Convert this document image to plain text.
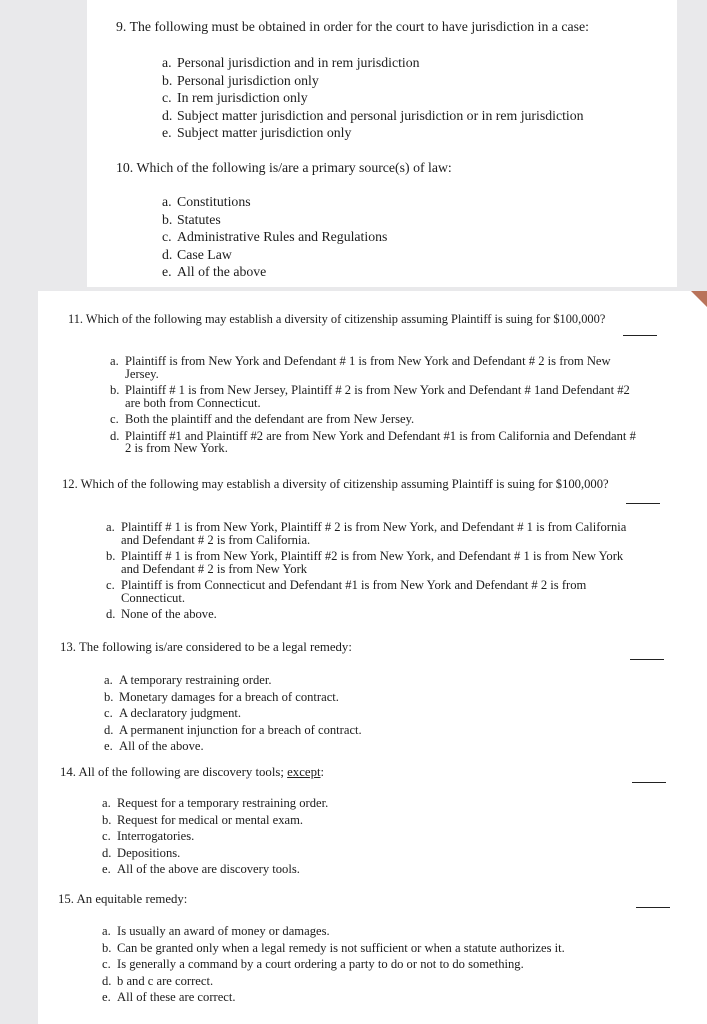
9. The following must be obtained in order for the court to have jurisdiction in a case:

a. Personal jurisdiction and in rem jurisdiction
b. Personal jurisdiction only
c. In rem jurisdiction only
d. Subject matter jurisdiction and personal jurisdiction or in rem jurisdiction
e. Subject matter jurisdiction only

10. Which of the following is/are a primary source(s) of law:

a. Constitutions
b. Statutes
c. Administrative Rules and Regulations
d. Case Law
e. All of the above

11. Which of the following may establish a diversity of citizenship assuming Plaintiff is suing for $100,000?

a. Plaintiff is from New York and Defendant # 1 is from New York and Defendant # 2 is from New
Jersey.
b. Plaintiff # 1 is from New Jersey, Plaintiff # 2 is from New York and Defendant # 1and Defendant #2
are both from Connecticut.
c. Both the plaintiff and the defendant are from New Jersey.
d. Plaintiff #1 and Plaintiff #2 are from New York and Defendant #1 is from California and Defendant #
2 is from New York.

12. Which of the following may establish a diversity of citizenship assuming Plaintiff is suing for $100,000?

a. Plaintiff # 1 is from New York, Plaintiff # 2 is from New York, and Defendant # 1 is from California
and Defendant # 2 is from California.
b. Plaintiff # 1 is from New York, Plaintiff #2 is from New York, and Defendant # 1 is from New York
and Defendant # 2 is from New York
c. Plaintiff is from Connecticut and Defendant #1 is from New York and Defendant # 2 is from
Connecticut.
d. None of the above.

13. The following is/are considered to be a legal remedy:

a. A temporary restraining order.
b. Monetary damages for a breach of contract.
c. A declaratory judgment.
d. A permanent injunction for a breach of contract.
e. All of the above.

14. All of the following are discovery tools; except:

a. Request for a temporary restraining order.
b. Request for medical or mental exam.
c. Interrogatories.
d. Depositions.
e. All of the above are discovery tools.

15. An equitable remedy:

a. Is usually an award of money or damages.
b. Can be granted only when a legal remedy is not sufficient or when a statute authorizes it.
c. Is generally a command by a court ordering a party to do or not to do something.
d. b and c are correct.
e. All of these are correct.
